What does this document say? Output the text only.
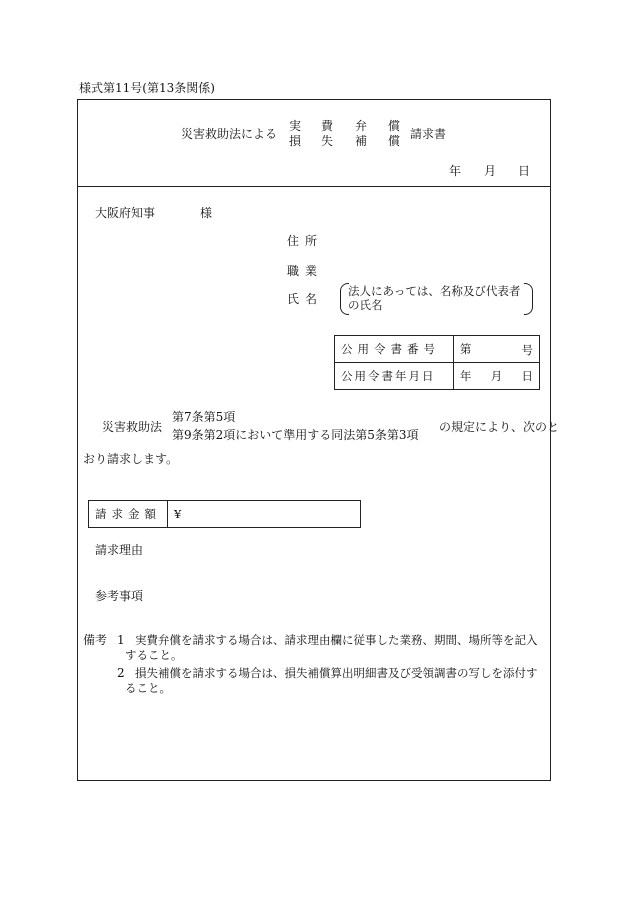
様式第11号(第13条関係)
災害救助法による
実 費 弁 償
損 失 補 償 請求書
年 月 日
大阪府知事	様
住所
職業
氏名
法人にあっては、名称及び代表者
の氏名
公用令書番号	第 号

公用令書年月日	年 月 日
災害救助法
第7条第5項
第9条第2項において準用する同法第5条第3項
の規定により、次のと
おり請求します。
請求金額	¥
請求理由
参考事項
備考 1 実費弁償を請求する場合は、請求理由欄に従事した業務、期間、場所等を記入
すること。
2 損失補償を請求する場合は、損失補償算出明細書及び受領調書の写しを添付す
ること。
